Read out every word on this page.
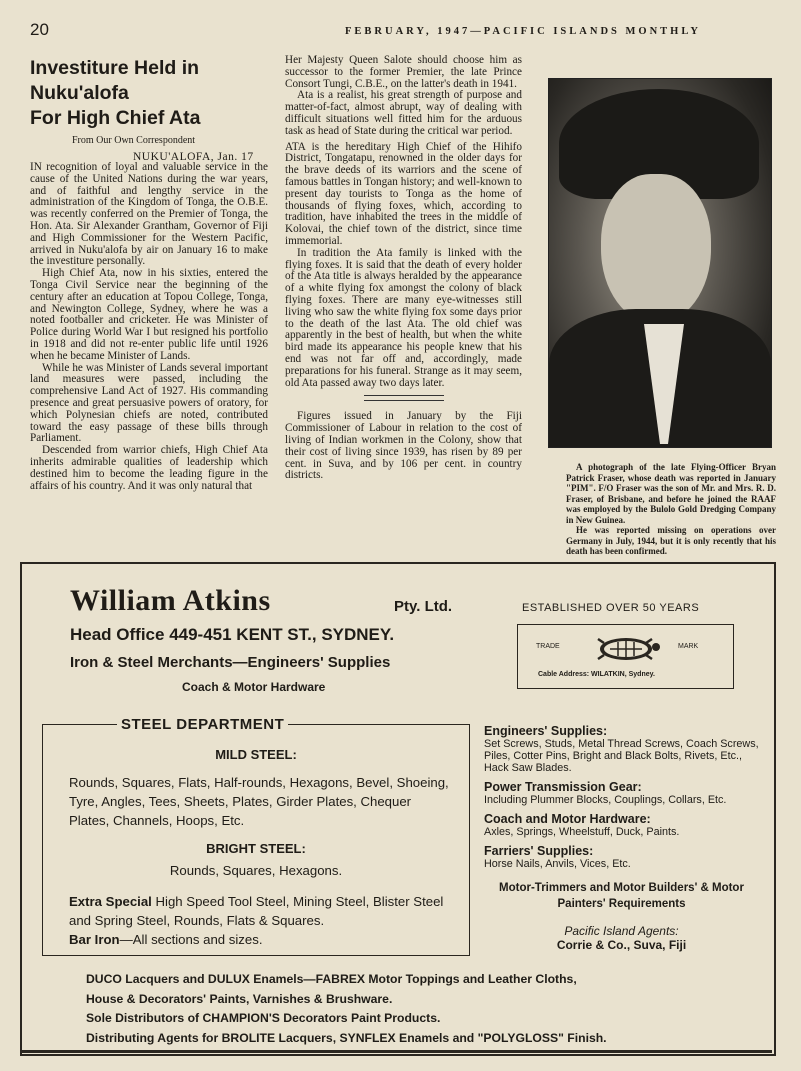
20	FEBRUARY, 1947—PACIFIC ISLANDS MONTHLY
Investiture Held in
Nuku'alofa
For High Chief Ata
From Our Own Correspondent
NUKU'ALOFA, Jan. 17

IN recognition of loyal and valuable service in the cause of the United Nations during the war years, and of faithful and lengthy service in the administration of the Kingdom of Tonga, the O.B.E. was recently conferred on the Premier of Tonga, the Hon. Ata. Sir Alexander Grantham, Governor of Fiji and High Commissioner for the Western Pacific, arrived in Nuku'alofa by air on January 16 to make the investiture personally.

High Chief Ata, now in his sixties, entered the Tonga Civil Service near the beginning of the century after an education at Topou College, Tonga, and Newington College, Sydney, where he was a noted footballer and cricketer. He was Minister of Police during World War I but resigned his portfolio in 1918 and did not re-enter public life until 1926 when he became Minister of Lands.

While he was Minister of Lands several important land measures were passed, including the comprehensive Land Act of 1927. His commanding presence and great persuasive powers of oratory, for which Polynesian chiefs are noted, contributed toward the easy passage of these bills through Parliament.

Descended from warrior chiefs, High Chief Ata inherits admirable qualities of leadership which destined him to become the leading figure in the affairs of his country. And it was only natural that

Her Majesty Queen Salote should choose him as successor to the former Premier, the late Prince Consort Tungi, C.B.E., on the latter's death in 1941.

Ata is a realist, his great strength of purpose and matter-of-fact, almost abrupt, way of dealing with difficult situations well fitted him for the arduous task as head of State during the critical war period.

ATA is the hereditary High Chief of the Hihifo District, Tongatapu, renowned in the older days for the brave deeds of its warriors and the scene of famous battles in Tongan history; and well-known to present day tourists to Tonga as the home of thousands of flying foxes, which, according to tradition, have inhabited the trees in the middle of Kolovai, the chief town of the district, since time immemorial.

In tradition the Ata family is linked with the flying foxes. It is said that the death of every holder of the Ata title is always heralded by the appearance of a white flying fox amongst the colony of black flying foxes. There are many eye-witnesses still living who saw the white flying fox some days prior to the death of the last Ata. The old chief was apparently in the best of health, but when the white bird made its appearance his people knew that his end was not far off and, accordingly, made preparations for his funeral. Strange as it may seem, old Ata passed away two days later.

Figures issued in January by the Fiji Commissioner of Labour in relation to the cost of living of Indian workmen in the Colony, show that their cost of living since 1939, has risen by 89 per cent. in Suva, and by 106 per cent. in country districts.

A photograph of the late Flying-Officer Bryan Patrick Fraser, whose death was reported in January "PIM". F/O Fraser was the son of Mr. and Mrs. R. D. Fraser, of Brisbane, and before he joined the RAAF was employed by the Bulolo Gold Dredging Company in New Guinea.

He was reported missing on operations over Germany in July, 1944, but it is only recently that his death has been confirmed.

William Atkins	Pty. Ltd.	ESTABLISHED OVER 50 YEARS
Head Office 449-451 KENT ST., SYDNEY.
Iron & Steel Merchants—Engineers' Supplies
Coach & Motor Hardware
TRADE	MARK
Cable Address: WILATKIN, Sydney.
STEEL DEPARTMENT
MILD STEEL:
Rounds, Squares, Flats, Half-rounds, Hexagons, Bevel, Shoeing, Tyre, Angles, Tees, Sheets, Plates, Girder Plates, Chequer Plates, Channels, Hoops, Etc.
BRIGHT STEEL:
Rounds, Squares, Hexagons.
Extra Special High Speed Tool Steel, Mining Steel, Blister Steel and Spring Steel, Rounds, Flats & Squares.
Bar Iron—All sections and sizes.

Engineers' Supplies:

Set Screws, Studs, Metal Thread Screws, Coach Screws, Piles, Cotter Pins, Bright and Black Bolts, Rivets, Etc., Hack Saw Blades.

Power Transmission Gear:

Including Plummer Blocks, Couplings, Collars, Etc.

Coach and Motor Hardware:

Axles, Springs, Wheelstuff, Duck, Paints.

Farriers' Supplies:

Horse Nails, Anvils, Vices, Etc.

Motor-Trimmers and Motor Builders' & Motor Painters' Requirements

Pacific Island Agents:

Corrie & Co., Suva, Fiji

DUCO Lacquers and DULUX Enamels—FABREX Motor Toppings and Leather Cloths,
House & Decorators' Paints, Varnishes & Brushware.
Sole Distributors of CHAMPION'S Decorators Paint Products.
Distributing Agents for BROLITE Lacquers, SYNFLEX Enamels and "POLYGLOSS" Finish.
